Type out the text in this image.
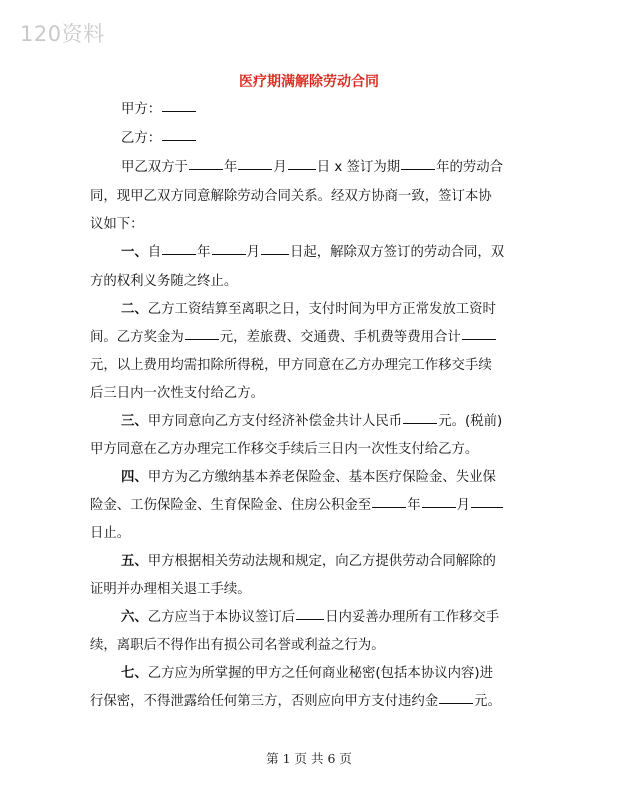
120资料
医疗期满解除劳动合同
甲方：
乙方：
甲乙双方于	年	月 日 x 签订为期	年的劳动合
同，现甲乙双方同意解除劳动合同关系。经双方协商一致，签订本协
议如下：
一、自	年	月 日起，解除双方签订的劳动合同，双
方的权利义务随之终止。
二、乙方工资结算至离职之日，支付时间为甲方正常发放工资时
间。乙方奖金为	元，差旅费、交通费、手机费等费用合计
元，以上费用均需扣除所得税，甲方同意在乙方办理完工作移交手续
后三日内一次性支付给乙方。
三、甲方同意向乙方支付经济补偿金共计人民币	元。(税前)
甲方同意在乙方办理完工作移交手续后三日内一次性支付给乙方。
四、甲方为乙方缴纳基本养老保险金、基本医疗保险金、失业保
险金、工伤保险金、生育保险金、住房公积金至	年	月
日止。
五、甲方根据相关劳动法规和规定，向乙方提供劳动合同解除的
证明并办理相关退工手续。
六、乙方应当于本协议签订后 日内妥善办理所有工作移交手
续，离职后不得作出有损公司名誉或利益之行为。
七、乙方应为所掌握的甲方之任何商业秘密(包括本协议内容)进
行保密，不得泄露给任何第三方，否则应向甲方支付违约金	元。
第 1 页 共 6 页
